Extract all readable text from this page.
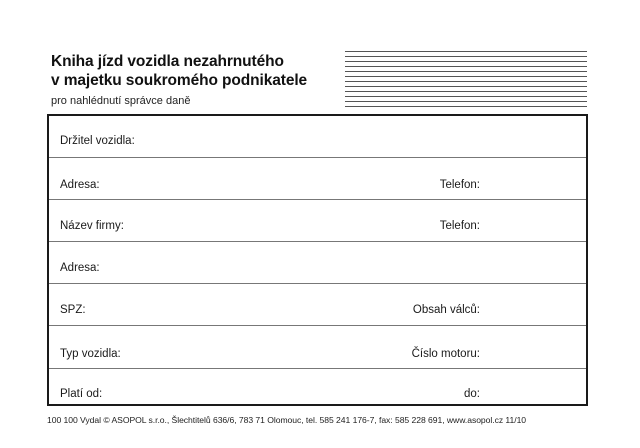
Kniha jízd vozidla nezahrnutého
v majetku soukromého podnikatele
pro nahlédnutí správce daně
Držitel vozidla:
Adresa:	Telefon:
Název firmy:	Telefon:
Adresa:
SPZ:	Obsah válců:
Typ vozidla:	Číslo motoru:
Platí od:	do:
100 100 Vydal © ASOPOL s.r.o., Šlechtitelů 636/6, 783 71 Olomouc, tel. 585 241 176-7, fax: 585 228 691, www.asopol.cz 11/10
